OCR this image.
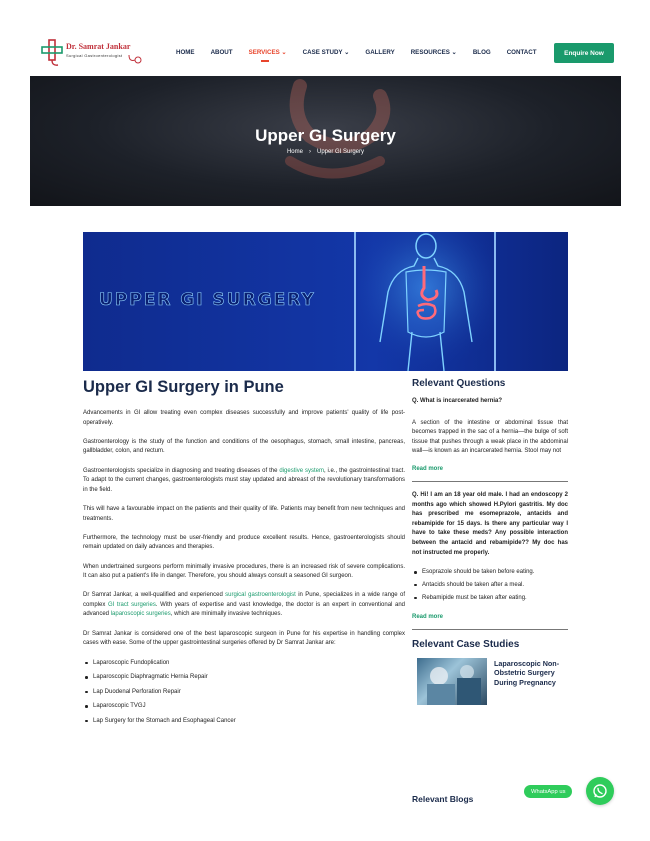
Dr. Samrat Jankar
Surgical Gastroenterologist	HOME	ABOUT	SERVICES ⌄	CASE STUDY ⌄	GALLERY	RESOURCES ⌄	BLOG	CONTACT	Enquire Now
Upper GI Surgery
Home › Upper GI Surgery
UPPER GI SURGERY
Upper GI Surgery in Pune

Advancements in GI allow treating even complex diseases successfully and improve patients' quality of life post-operatively.

Gastroenterology is the study of the function and conditions of the oesophagus, stomach, small intestine, pancreas, gallbladder, colon, and rectum.

Gastroenterologists specialize in diagnosing and treating diseases of the digestive system, i.e., the gastrointestinal tract. To adapt to the current changes, gastroenterologists must stay updated and abreast of the revolutionary transformations in the field.

This will have a favourable impact on the patients and their quality of life. Patients may benefit from new techniques and treatments.

Furthermore, the technology must be user-friendly and produce excellent results. Hence, gastroenterologists should remain updated on daily advances and therapies.

When undertrained surgeons perform minimally invasive procedures, there is an increased risk of severe complications. It can also put a patient's life in danger. Therefore, you should always consult a seasoned GI surgeon.

Dr Samrat Jankar, a well-qualified and experienced surgical gastroenterologist in Pune, specializes in a wide range of complex GI tract surgeries. With years of expertise and vast knowledge, the doctor is an expert in conventional and advanced laparoscopic surgeries, which are minimally invasive techniques.

Dr Samrat Jankar is considered one of the best laparoscopic surgeon in Pune for his expertise in handling complex cases with ease. Some of the upper gastrointestinal surgeries offered by Dr Samrat Jankar are:

Laparoscopic Fundoplication
Laparoscopic Diaphragmatic Hernia Repair
Lap Duodenal Perforation Repair
Laparoscopic TVGJ
Lap Surgery for the Stomach and Esophageal Cancer
Relevant Questions

Q. What is incarcerated hernia?

A section of the intestine or abdominal tissue that becomes trapped in the sac of a hernia—the bulge of soft tissue that pushes through a weak place in the abdominal wall—is known as an incarcerated hernia. Stool may not

Read more

Q. Hi! I am an 18 year old male. I had an endoscopy 2 months ago which showed H.Pylori gastritis. My doc has prescribed me esomeprazole, antacids and rebamipide for 15 days. Is there any particular way I have to take these meds? Any possible interaction between the antacid and rebamipide?? My doc has not instructed me properly.

Esoprazole should be taken before eating.
Antacids should be taken after a meal.
Rebamipide must be taken after eating.
Read more
Relevant Case Studies
Laparoscopic Non-Obstetric Surgery During Pregnancy
Relevant Blogs
WhatsApp us
